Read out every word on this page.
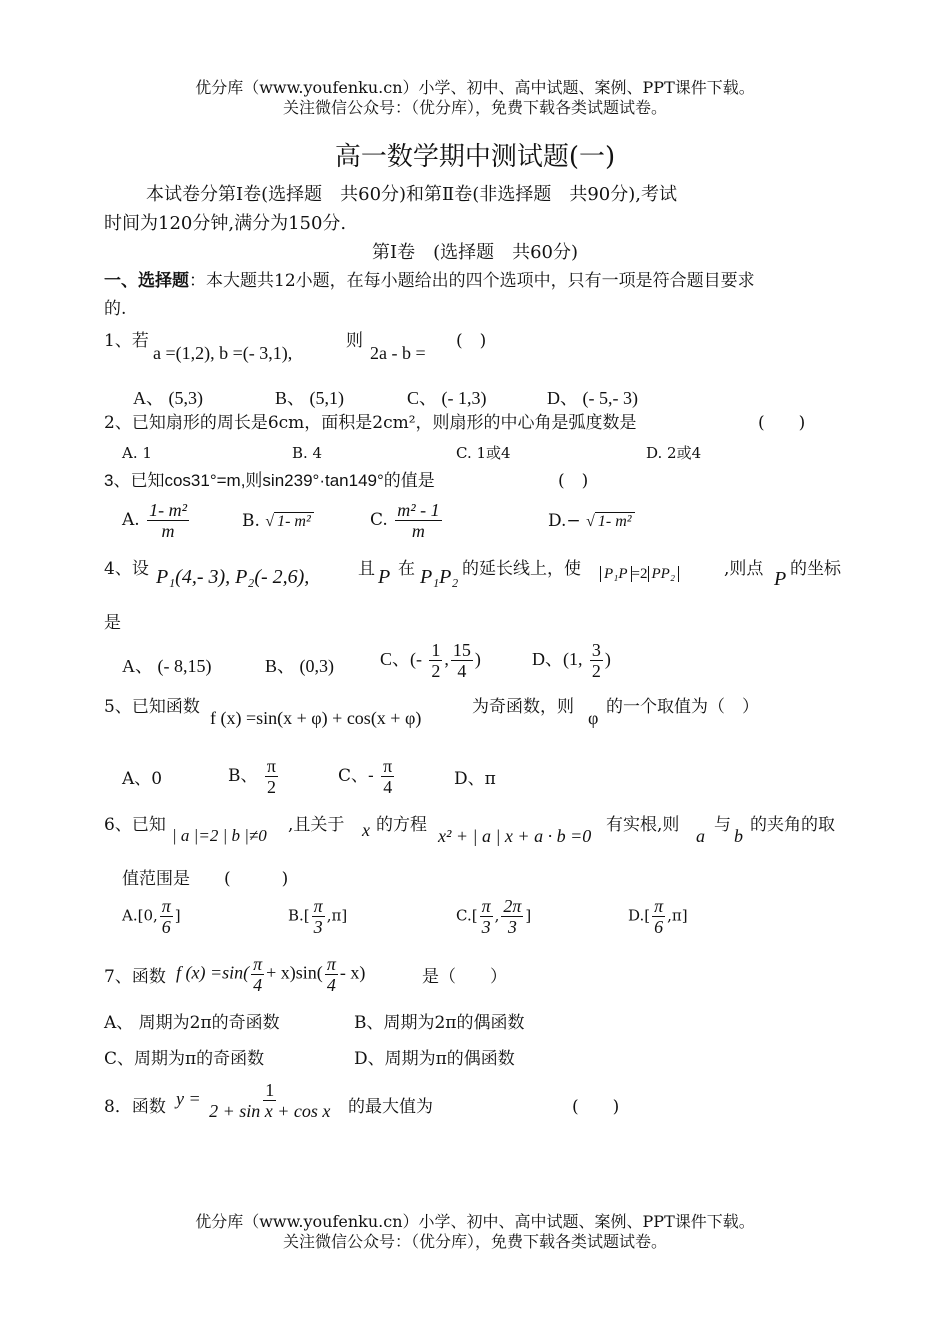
优分库（www.youfenku.cn）小学、初中、高中试题、案例、PPT课件下载。
关注微信公众号：（优分库），免费下载各类试题试卷。
高一数学期中测试题(一)
本试卷分第Ⅰ卷(选择题　共60分)和第Ⅱ卷(非选择题　共90分),考试
时间为120分钟,满分为150分.
第Ⅰ卷　(选择题　共60分)
一、选择题：本大题共12小题，在每小题给出的四个选项中，只有一项是符合题目要求
的.
1、若
a =(1,2), b =(- 3,1),
则
2a - b =
(　)
A、 (5,3)	B、 (5,1)	C、 (- 1,3)	D、 (- 5,- 3)
2、已知扇形的周长是6cm，面积是2cm²，则扇形的中心角是弧度数是	(　　)
A. 1	B. 4	C. 1或4	D. 2或4
3、已知cos31°=m,则sin239°·tan149°的值是	(　)
A. $\frac{\text{1- m²}}{m}$	B. √ 1- m²	C. $\frac{\text{m² - 1}}{m}$	D.− √ 1- m²
4、设 P₁(4,- 3), P₂(- 2,6),	且 P 在 P₁P₂ 的延长线上，使 P₁P =2 PP₂	,则点 P 的坐标
是
A、 (- 8,15)	B、 (0,3)	C、(- $\frac{1}{2}$ , $\frac{15}{4}$ )	D、(1, $\frac{3}{2}$ )
5、已知函数
f (x) =sin(x + φ) + cos(x + φ)
为奇函数，则
φ
的一个取值为（　）
A、0	B、 $\frac{\pi}{2}$	C、- $\frac{\pi}{4}$	D、π
6、已知
| a |=2 | b |≠0
,且关于 x 的方程
x² + | a | x + a · b =0
有实根,则
a
与
b
的夹角的取
值范围是　　(　　　)
A.[0, $\frac{\pi}{6}$ ]	$B.[ \frac{\pi}{3} ,\pi]$	$C.[ \frac{\pi}{3}$ , $\frac{2\pi}{3}$ ]	$D.[ \frac{\pi}{6} ,\pi]$
7、函数 f $(x) =\sin( \frac{\pi}{4} + x)\sin( \frac{\pi}{4} - x)$	是（　　）
A、 周期为2π的奇函数	B、周期为2π的偶函数
C、周期为π的奇函数	D、周期为π的偶函数
8．函数 $y = \frac{1}{\text{2 + sin x + cos x}}$ 的最大值为	(　　)
优分库（www.youfenku.cn）小学、初中、高中试题、案例、PPT课件下载。
关注微信公众号：（优分库），免费下载各类试题试卷。
